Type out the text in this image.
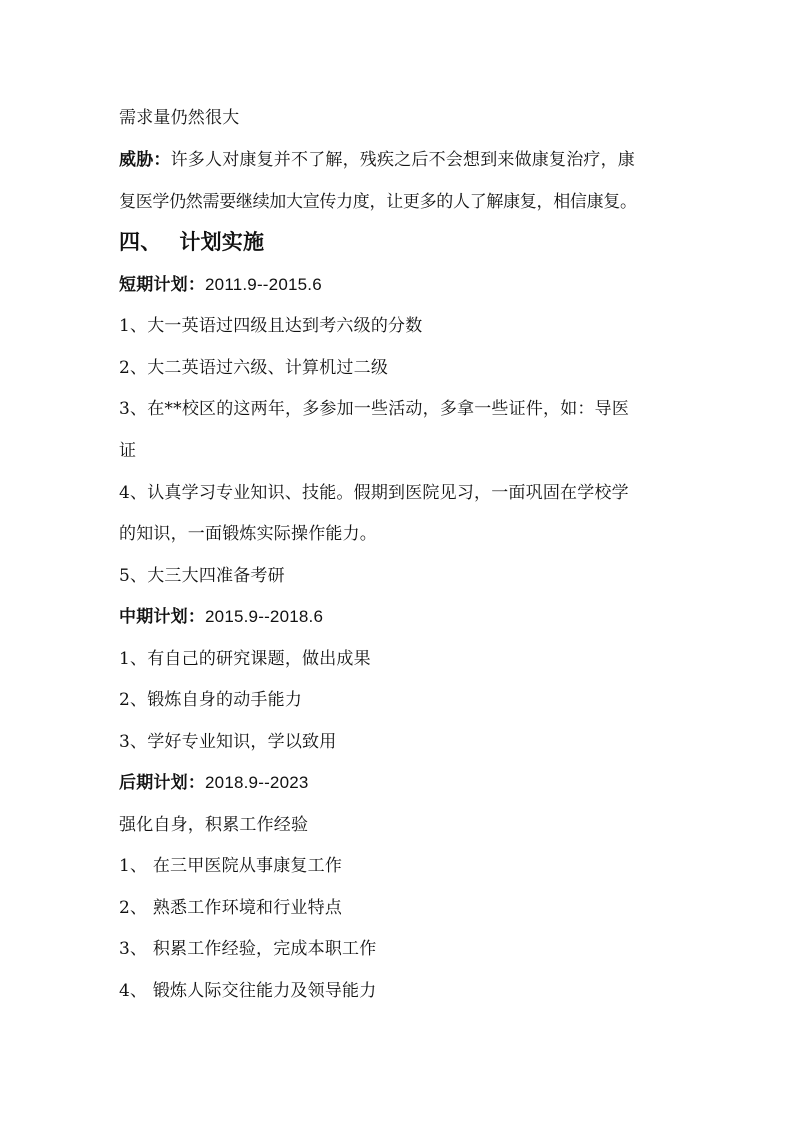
需求量仍然很大
威胁：许多人对康复并不了解，残疾之后不会想到来做康复治疗，康
复医学仍然需要继续加大宣传力度，让更多的人了解康复，相信康复。
四、 计划实施
短期计划：2011.9--2015.6
1、大一英语过四级且达到考六级的分数
2、大二英语过六级、计算机过二级
3、在**校区的这两年，多参加一些活动，多拿一些证件，如：导医
证
4、认真学习专业知识、技能。假期到医院见习，一面巩固在学校学
的知识，一面锻炼实际操作能力。
5、大三大四准备考研
中期计划：2015.9--2018.6
1、有自己的研究课题，做出成果
2、锻炼自身的动手能力
3、学好专业知识，学以致用
后期计划：2018.9--2023
强化自身，积累工作经验
1、 在三甲医院从事康复工作
2、 熟悉工作环境和行业特点
3、 积累工作经验，完成本职工作
4、 锻炼人际交往能力及领导能力
